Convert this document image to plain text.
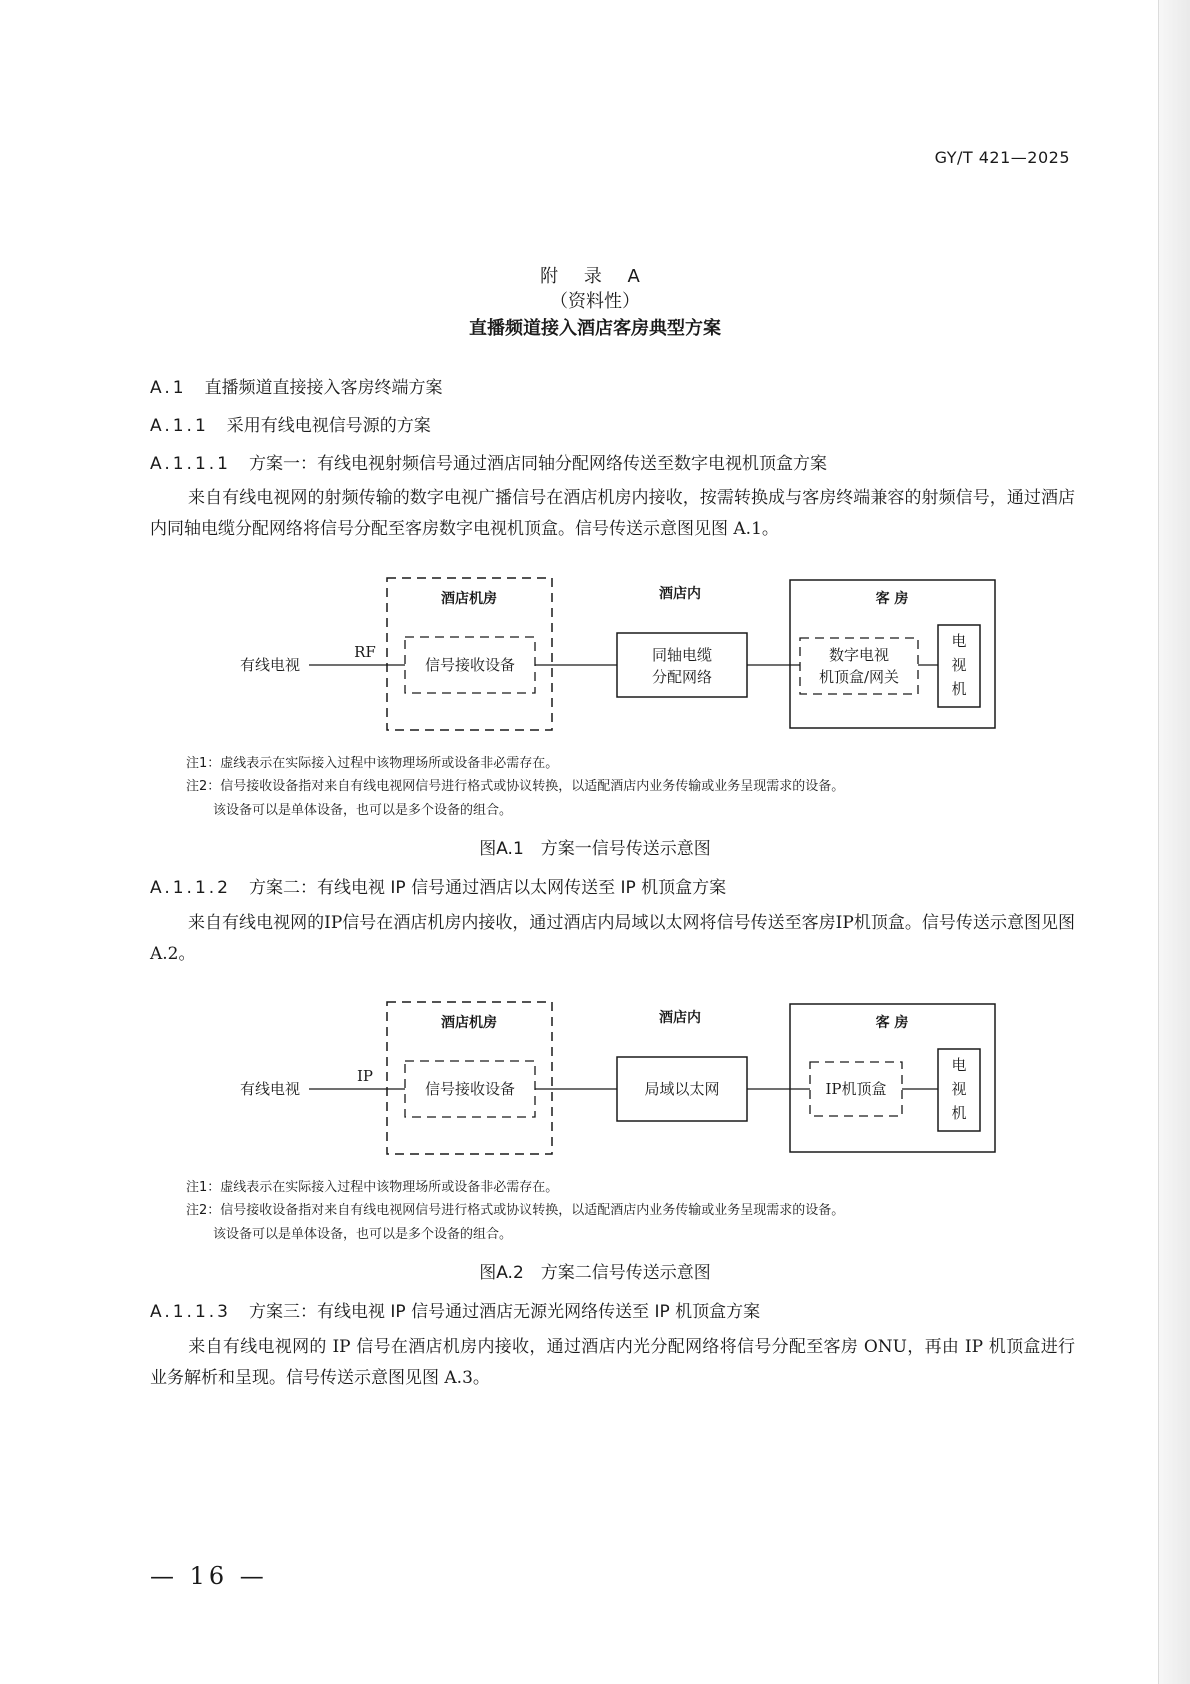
GY/T 421—2025
附 录 A
（资料性）
直播频道接入酒店客房典型方案
A.1 直播频道直接接入客房终端方案
A.1.1 采用有线电视信号源的方案
A.1.1.1 方案一：有线电视射频信号通过酒店同轴分配网络传送至数字电视机顶盒方案
来自有线电视网的射频传输的数字电视广播信号在酒店机房内接收，按需转换成与客房终端兼容的射频信号，通过酒店内同轴电缆分配网络将信号分配至客房数字电视机顶盒。信号传送示意图见图 A.1。
酒店机房
有线电视
RF
信号接收设备
酒店内
同轴电缆
分配网络
客 房
数字电视
机顶盒/网关
电
视
机
注1：虚线表示在实际接入过程中该物理场所或设备非必需存在。
注2：信号接收设备指对来自有线电视网信号进行格式或协议转换，以适配酒店内业务传输或业务呈现需求的设备。
该设备可以是单体设备，也可以是多个设备的组合。
图A.1　方案一信号传送示意图
A.1.1.2 方案二：有线电视 IP 信号通过酒店以太网传送至 IP 机顶盒方案
来自有线电视网的IP信号在酒店机房内接收，通过酒店内局域以太网将信号传送至客房IP机顶盒。信号传送示意图见图 A.2。
酒店机房
有线电视
IP
信号接收设备
酒店内
局域以太网
客 房
IP机顶盒
电
视
机
注1：虚线表示在实际接入过程中该物理场所或设备非必需存在。
注2：信号接收设备指对来自有线电视网信号进行格式或协议转换，以适配酒店内业务传输或业务呈现需求的设备。
该设备可以是单体设备，也可以是多个设备的组合。
图A.2　方案二信号传送示意图
A.1.1.3 方案三：有线电视 IP 信号通过酒店无源光网络传送至 IP 机顶盒方案
来自有线电视网的 IP 信号在酒店机房内接收，通过酒店内光分配网络将信号分配至客房 ONU，再由 IP 机顶盒进行业务解析和呈现。信号传送示意图见图 A.3。
— 16 —
